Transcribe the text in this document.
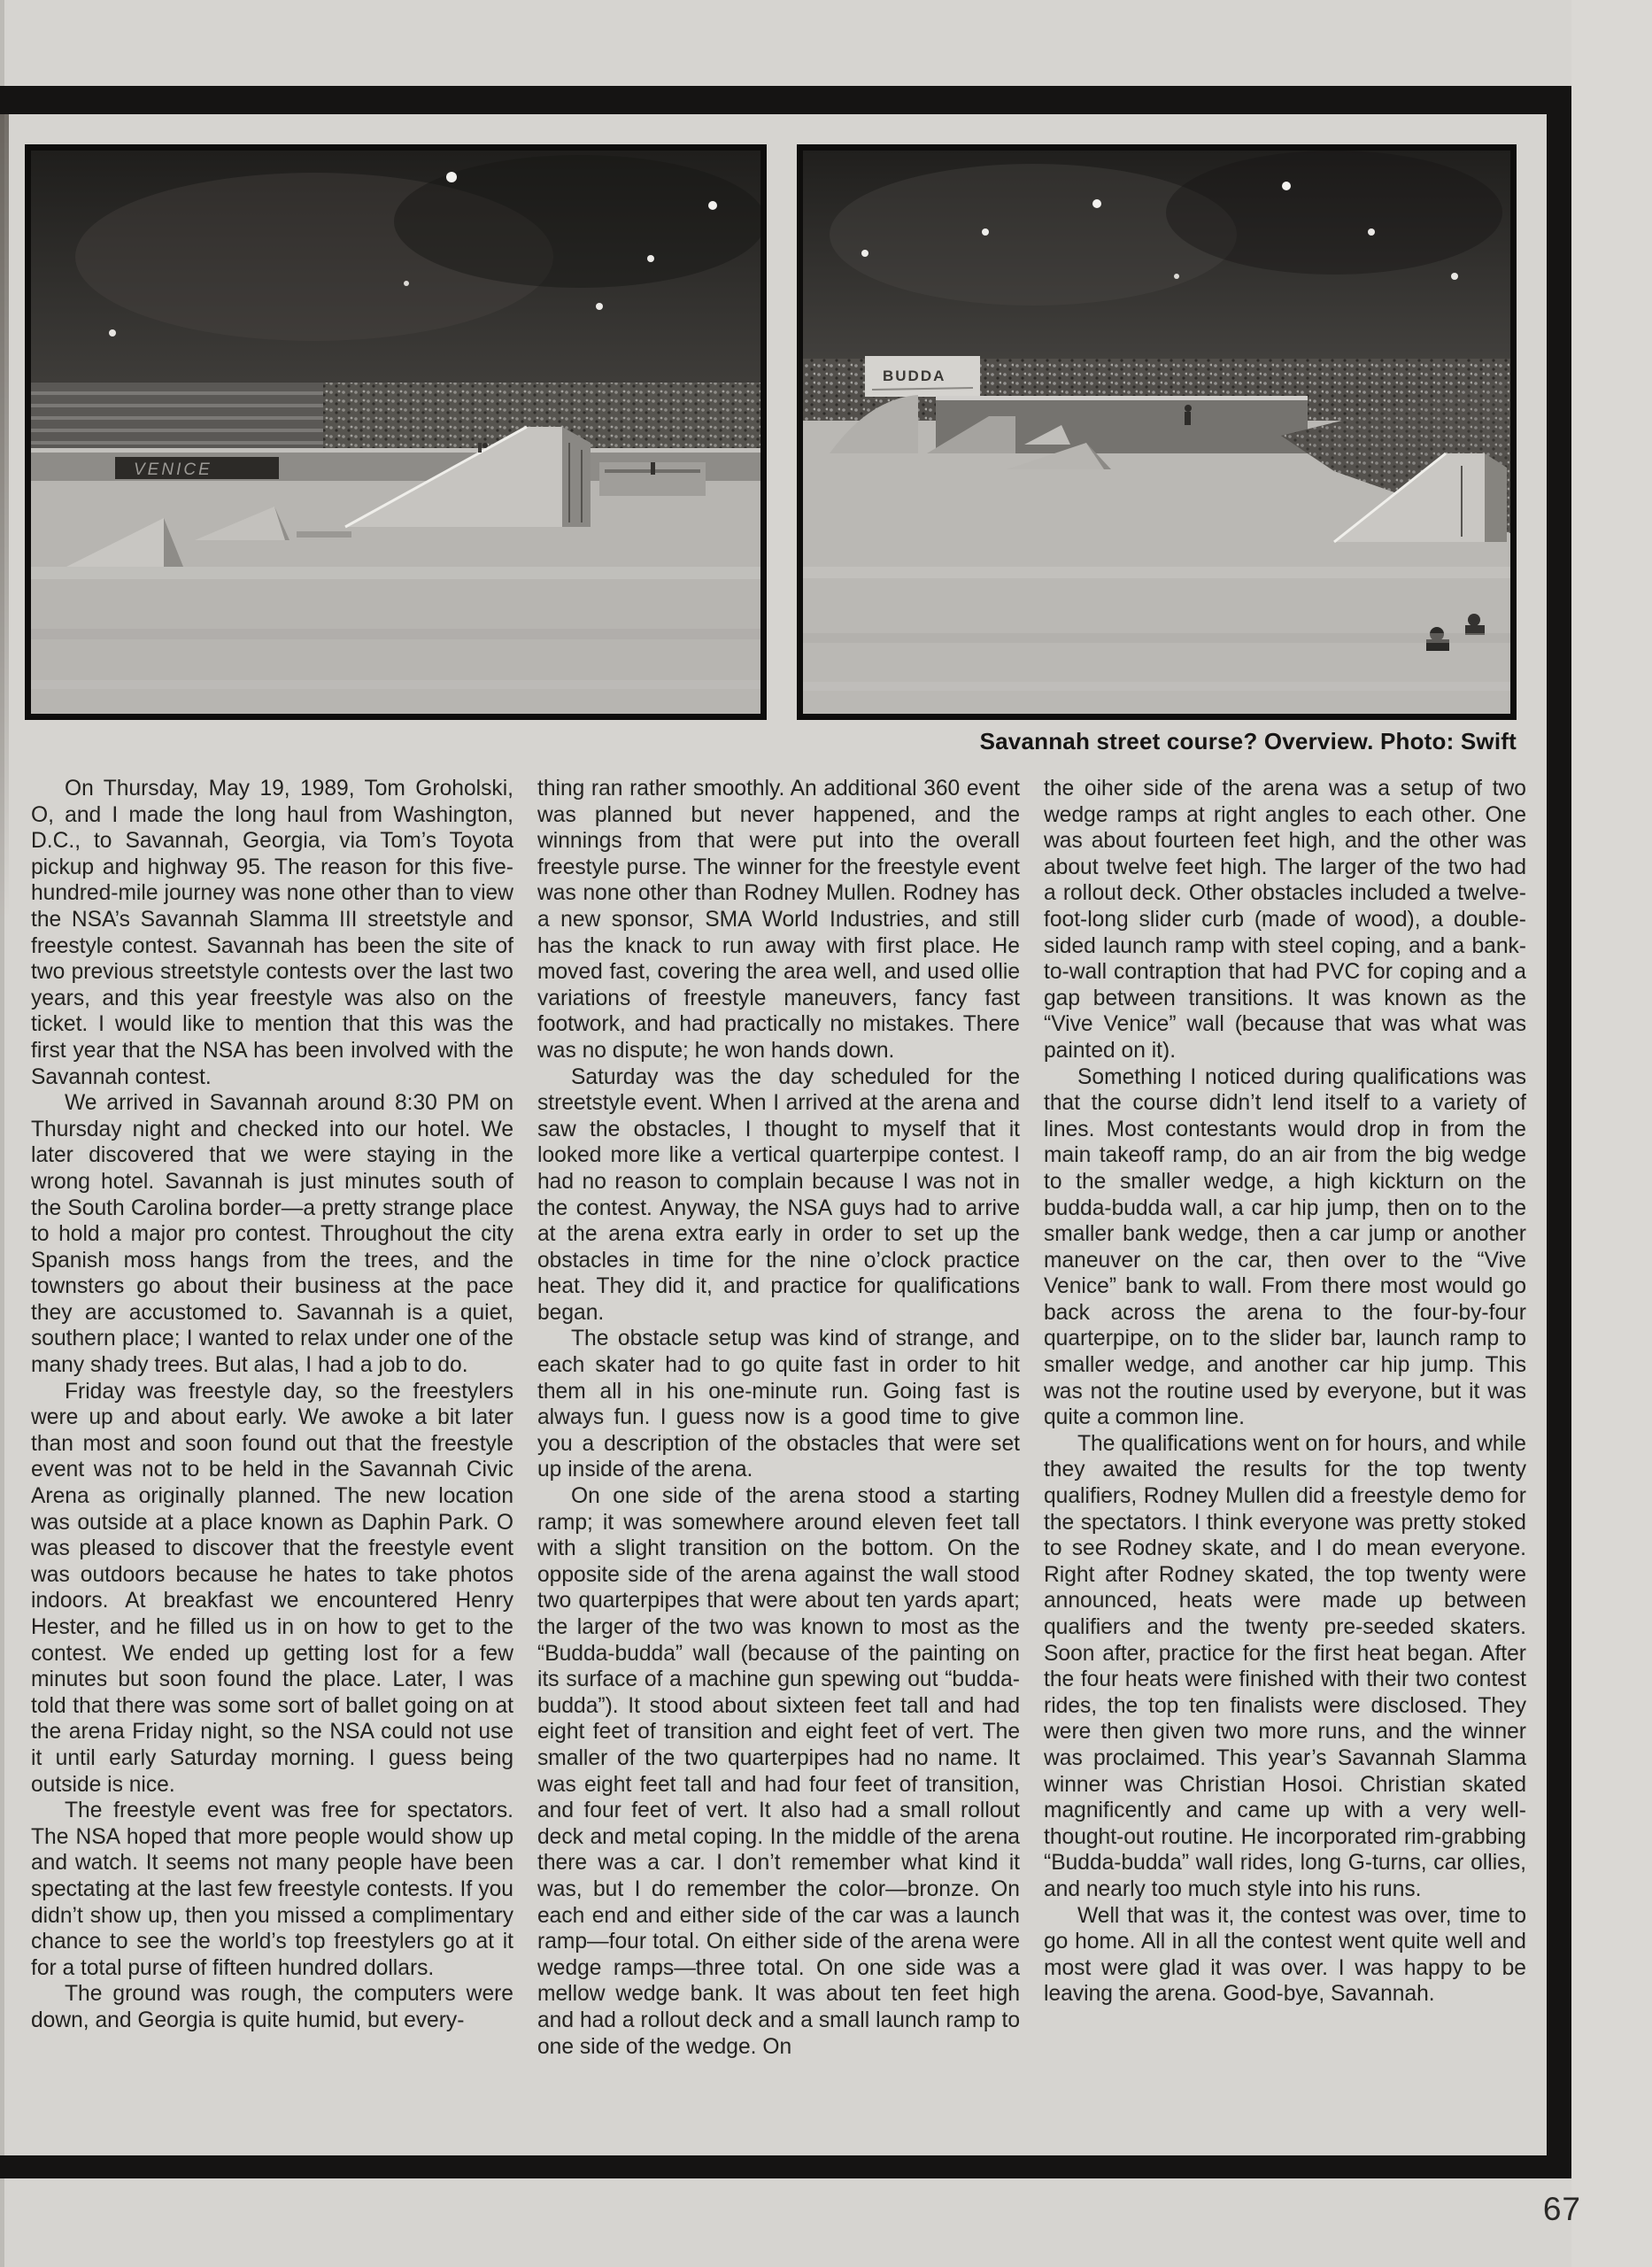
VENICE
BUDDA
Savannah street course? Overview. Photo: Swift

On Thursday, May 19, 1989, Tom Groholski, O, and I made the long haul from Washington, D.C., to Savannah, Georgia, via Tom’s Toyota pickup and highway 95. The reason for this five-hundred-mile journey was none other than to view the NSA’s Savannah Slamma III streetstyle and freestyle contest. Savannah has been the site of two previous streetstyle contests over the last two years, and this year freestyle was also on the ticket. I would like to mention that this was the first year that the NSA has been involved with the Savannah contest.

We arrived in Savannah around 8:30 PM on Thursday night and checked into our hotel. We later discovered that we were staying in the wrong hotel. Savannah is just minutes south of the South Carolina border—a pretty strange place to hold a major pro contest. Throughout the city Spanish moss hangs from the trees, and the townsters go about their business at the pace they are accustomed to. Savannah is a quiet, southern place; I wanted to relax under one of the many shady trees. But alas, I had a job to do.

Friday was freestyle day, so the freestylers were up and about early. We awoke a bit later than most and soon found out that the freestyle event was not to be held in the Savannah Civic Arena as originally planned. The new location was outside at a place known as Daphin Park. O was pleased to discover that the freestyle event was outdoors because he hates to take photos indoors. At breakfast we encountered Henry Hester, and he filled us in on how to get to the contest. We ended up getting lost for a few minutes but soon found the place. Later, I was told that there was some sort of ballet going on at the arena Friday night, so the NSA could not use it until early Saturday morning. I guess being outside is nice.

The freestyle event was free for spectators. The NSA hoped that more people would show up and watch. It seems not many people have been spectating at the last few freestyle contests. If you didn’t show up, then you missed a complimentary chance to see the world’s top freestylers go at it for a total purse of fifteen hundred dollars.

The ground was rough, the computers were down, and Georgia is quite humid, but every-

thing ran rather smoothly. An additional 360 event was planned but never happened, and the winnings from that were put into the overall freestyle purse. The winner for the freestyle event was none other than Rodney Mullen. Rodney has a new sponsor, SMA World Industries, and still has the knack to run away with first place. He moved fast, covering the area well, and used ollie variations of freestyle maneuvers, fancy fast footwork, and had practically no mistakes. There was no dispute; he won hands down.

Saturday was the day scheduled for the streetstyle event. When I arrived at the arena and saw the obstacles, I thought to myself that it looked more like a vertical quarterpipe contest. I had no reason to complain because I was not in the contest. Anyway, the NSA guys had to arrive at the arena extra early in order to set up the obstacles in time for the nine o’clock practice heat. They did it, and practice for qualifications began.

The obstacle setup was kind of strange, and each skater had to go quite fast in order to hit them all in his one-minute run. Going fast is always fun. I guess now is a good time to give you a description of the obstacles that were set up inside of the arena.

On one side of the arena stood a starting ramp; it was somewhere around eleven feet tall with a slight transition on the bottom. On the opposite side of the arena against the wall stood two quarterpipes that were about ten yards apart; the larger of the two was known to most as the “Budda-budda” wall (because of the painting on its surface of a machine gun spewing out “budda-budda”). It stood about sixteen feet tall and had eight feet of transition and eight feet of vert. The smaller of the two quarterpipes had no name. It was eight feet tall and had four feet of transition, and four feet of vert. It also had a small rollout deck and metal coping. In the middle of the arena there was a car. I don’t remember what kind it was, but I do remember the color—bronze. On each end and either side of the car was a launch ramp—four total. On either side of the arena were wedge ramps—three total. On one side was a mellow wedge bank. It was about ten feet high and had a rollout deck and a small launch ramp to one side of the wedge. On

the oiher side of the arena was a setup of two wedge ramps at right angles to each other. One was about fourteen feet high, and the other was about twelve feet high. The larger of the two had a rollout deck. Other obstacles included a twelve-foot-long slider curb (made of wood), a double-sided launch ramp with steel coping, and a bank-to-wall contraption that had PVC for coping and a gap between transitions. It was known as the “Vive Venice” wall (because that was what was painted on it).

Something I noticed during qualifications was that the course didn’t lend itself to a variety of lines. Most contestants would drop in from the main takeoff ramp, do an air from the big wedge to the smaller wedge, a high kickturn on the budda-budda wall, a car hip jump, then on to the smaller bank wedge, then a car jump or another maneuver on the car, then over to the “Vive Venice” bank to wall. From there most would go back across the arena to the four-by-four quarterpipe, on to the slider bar, launch ramp to smaller wedge, and another car hip jump. This was not the routine used by everyone, but it was quite a common line.

The qualifications went on for hours, and while they awaited the results for the top twenty qualifiers, Rodney Mullen did a freestyle demo for the spectators. I think everyone was pretty stoked to see Rodney skate, and I do mean everyone. Right after Rodney skated, the top twenty were announced, heats were made up between qualifiers and the twenty pre-seeded skaters. Soon after, practice for the first heat began. After the four heats were finished with their two contest rides, the top ten finalists were disclosed. They were then given two more runs, and the winner was proclaimed. This year’s Savannah Slamma winner was Christian Hosoi. Christian skated magnificently and came up with a very well-thought-out routine. He incorporated rim-grabbing “Budda-budda” wall rides, long G-turns, car ollies, and nearly too much style into his runs.

Well that was it, the contest was over, time to go home. All in all the contest went quite well and most were glad it was over. I was happy to be leaving the arena. Good-bye, Savannah.

67
